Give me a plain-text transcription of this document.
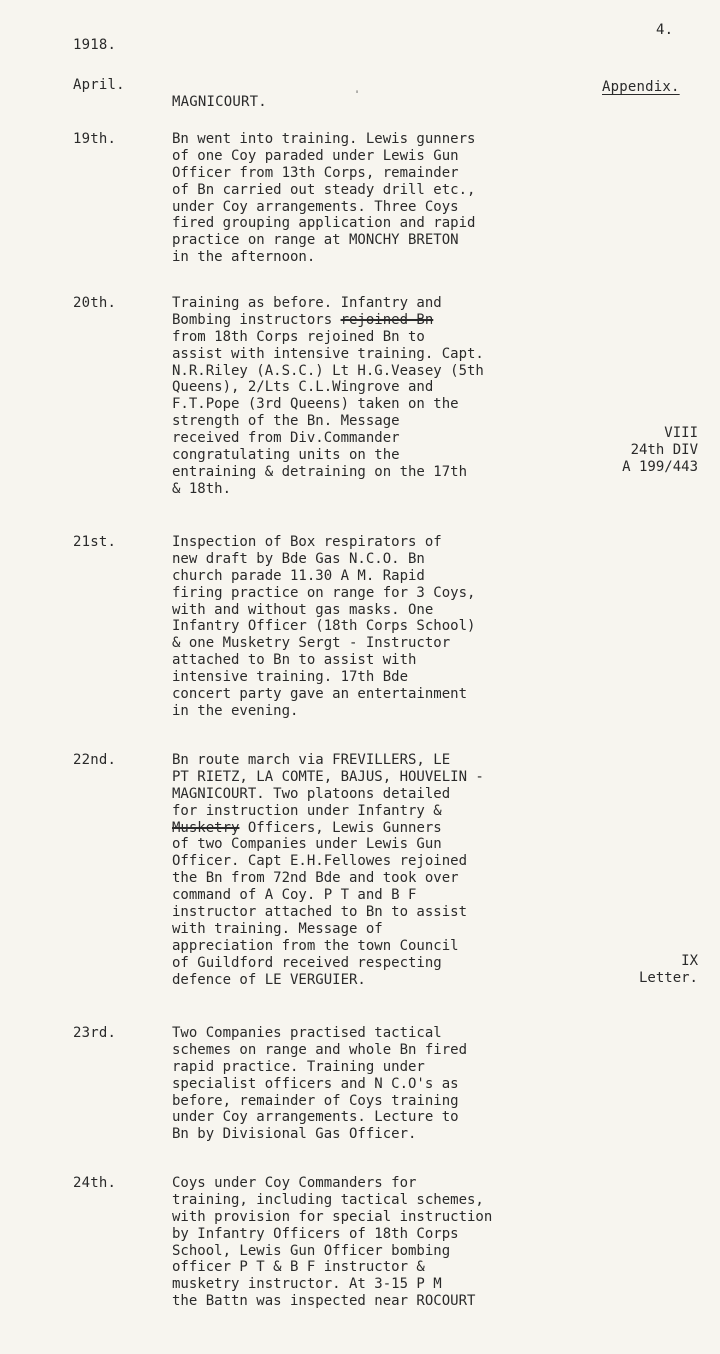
4.
1918.
April.	Appendix.
MAGNICOURT.	ˈ
19th.	Bn went into training. Lewis gunners
of one Coy paraded under Lewis Gun
Officer from 13th Corps, remainder
of Bn carried out steady drill etc.,
under Coy arrangements. Three Coys
fired grouping application and rapid
practice on range at MONCHY BRETON
in the afternoon.
20th.	Training as before. Infantry and
Bombing instructors rejoined Bn
from 18th Corps rejoined Bn to
assist with intensive training. Capt.
N.R.Riley (A.S.C.) Lt H.G.Veasey (5th
Queens), 2/Lts C.L.Wingrove and
F.T.Pope (3rd Queens) taken on the
strength of the Bn. Message
received from Div.Commander
congratulating units on the
entraining & detraining on the 17th
& 18th.
VIII
24th DIV
A 199/443
21st.	Inspection of Box respirators of
new draft by Bde Gas N.C.O. Bn
church parade 11.30 A M. Rapid
firing practice on range for 3 Coys,
with and without gas masks. One
Infantry Officer (18th Corps School)
& one Musketry Sergt - Instructor
attached to Bn to assist with
intensive training. 17th Bde
concert party gave an entertainment
in the evening.
22nd.	Bn route march via FREVILLERS, LE
PT RIETZ, LA COMTE, BAJUS, HOUVELIN -
MAGNICOURT. Two platoons detailed
for instruction under Infantry &
Musketry Officers, Lewis Gunners
of two Companies under Lewis Gun
Officer. Capt E.H.Fellowes rejoined
the Bn from 72nd Bde and took over
command of A Coy. P T and B F
instructor attached to Bn to assist
with training. Message of
appreciation from the town Council
of Guildford received respecting
defence of LE VERGUIER.
IX
Letter.
23rd.	Two Companies practised tactical
schemes on range and whole Bn fired
rapid practice. Training under
specialist officers and N C.O's as
before, remainder of Coys training
under Coy arrangements. Lecture to
Bn by Divisional Gas Officer.
24th.	Coys under Coy Commanders for
training, including tactical schemes,
with provision for special instruction
by Infantry Officers of 18th Corps
School, Lewis Gun Officer bombing
officer P T & B F instructor &
musketry instructor. At 3-15 P M
the Battn was inspected near ROCOURT
